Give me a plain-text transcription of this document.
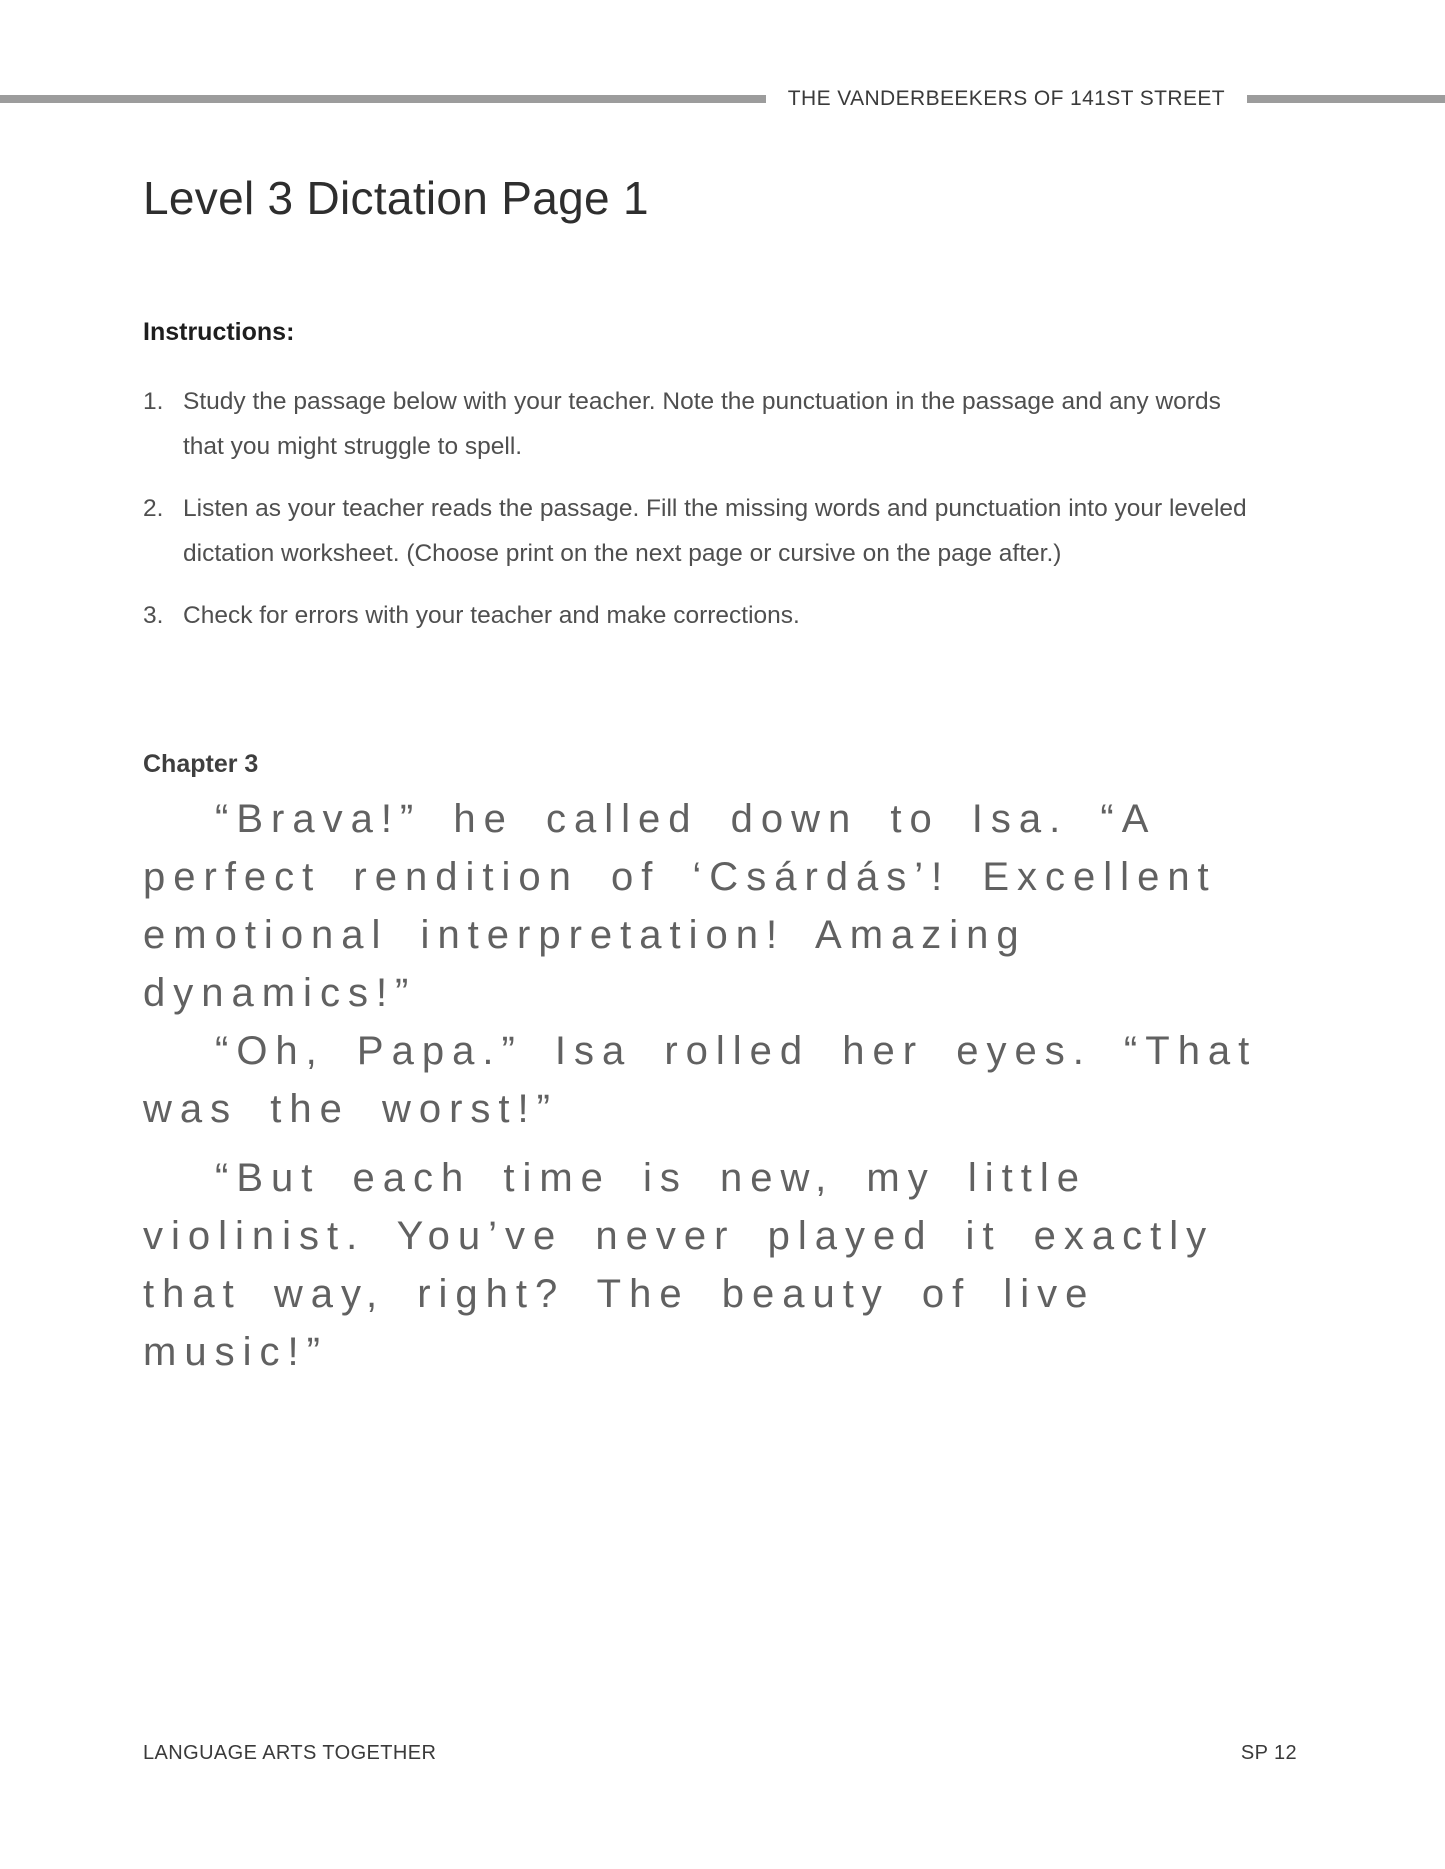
THE VANDERBEEKERS OF 141ST STREET
Level 3 Dictation Page 1
Instructions:
1. Study the passage below with your teacher. Note the punctuation in the passage and any words that you might struggle to spell.
2. Listen as your teacher reads the passage. Fill the missing words and punctuation into your leveled dictation worksheet. (Choose print on the next page or cursive on the page after.)
3. Check for errors with your teacher and make corrections.
Chapter 3

“Brava!” he called down to Isa. “A perfect rendition of ‘Csárdás’! Excellent emotional interpretation! Amazing dynamics!”

“Oh, Papa.” Isa rolled her eyes. “That was the worst!”

“But each time is new, my little violinist. You’ve never played it exactly that way, right? The beauty of live music!”

LANGUAGE ARTS TOGETHER	SP 12
